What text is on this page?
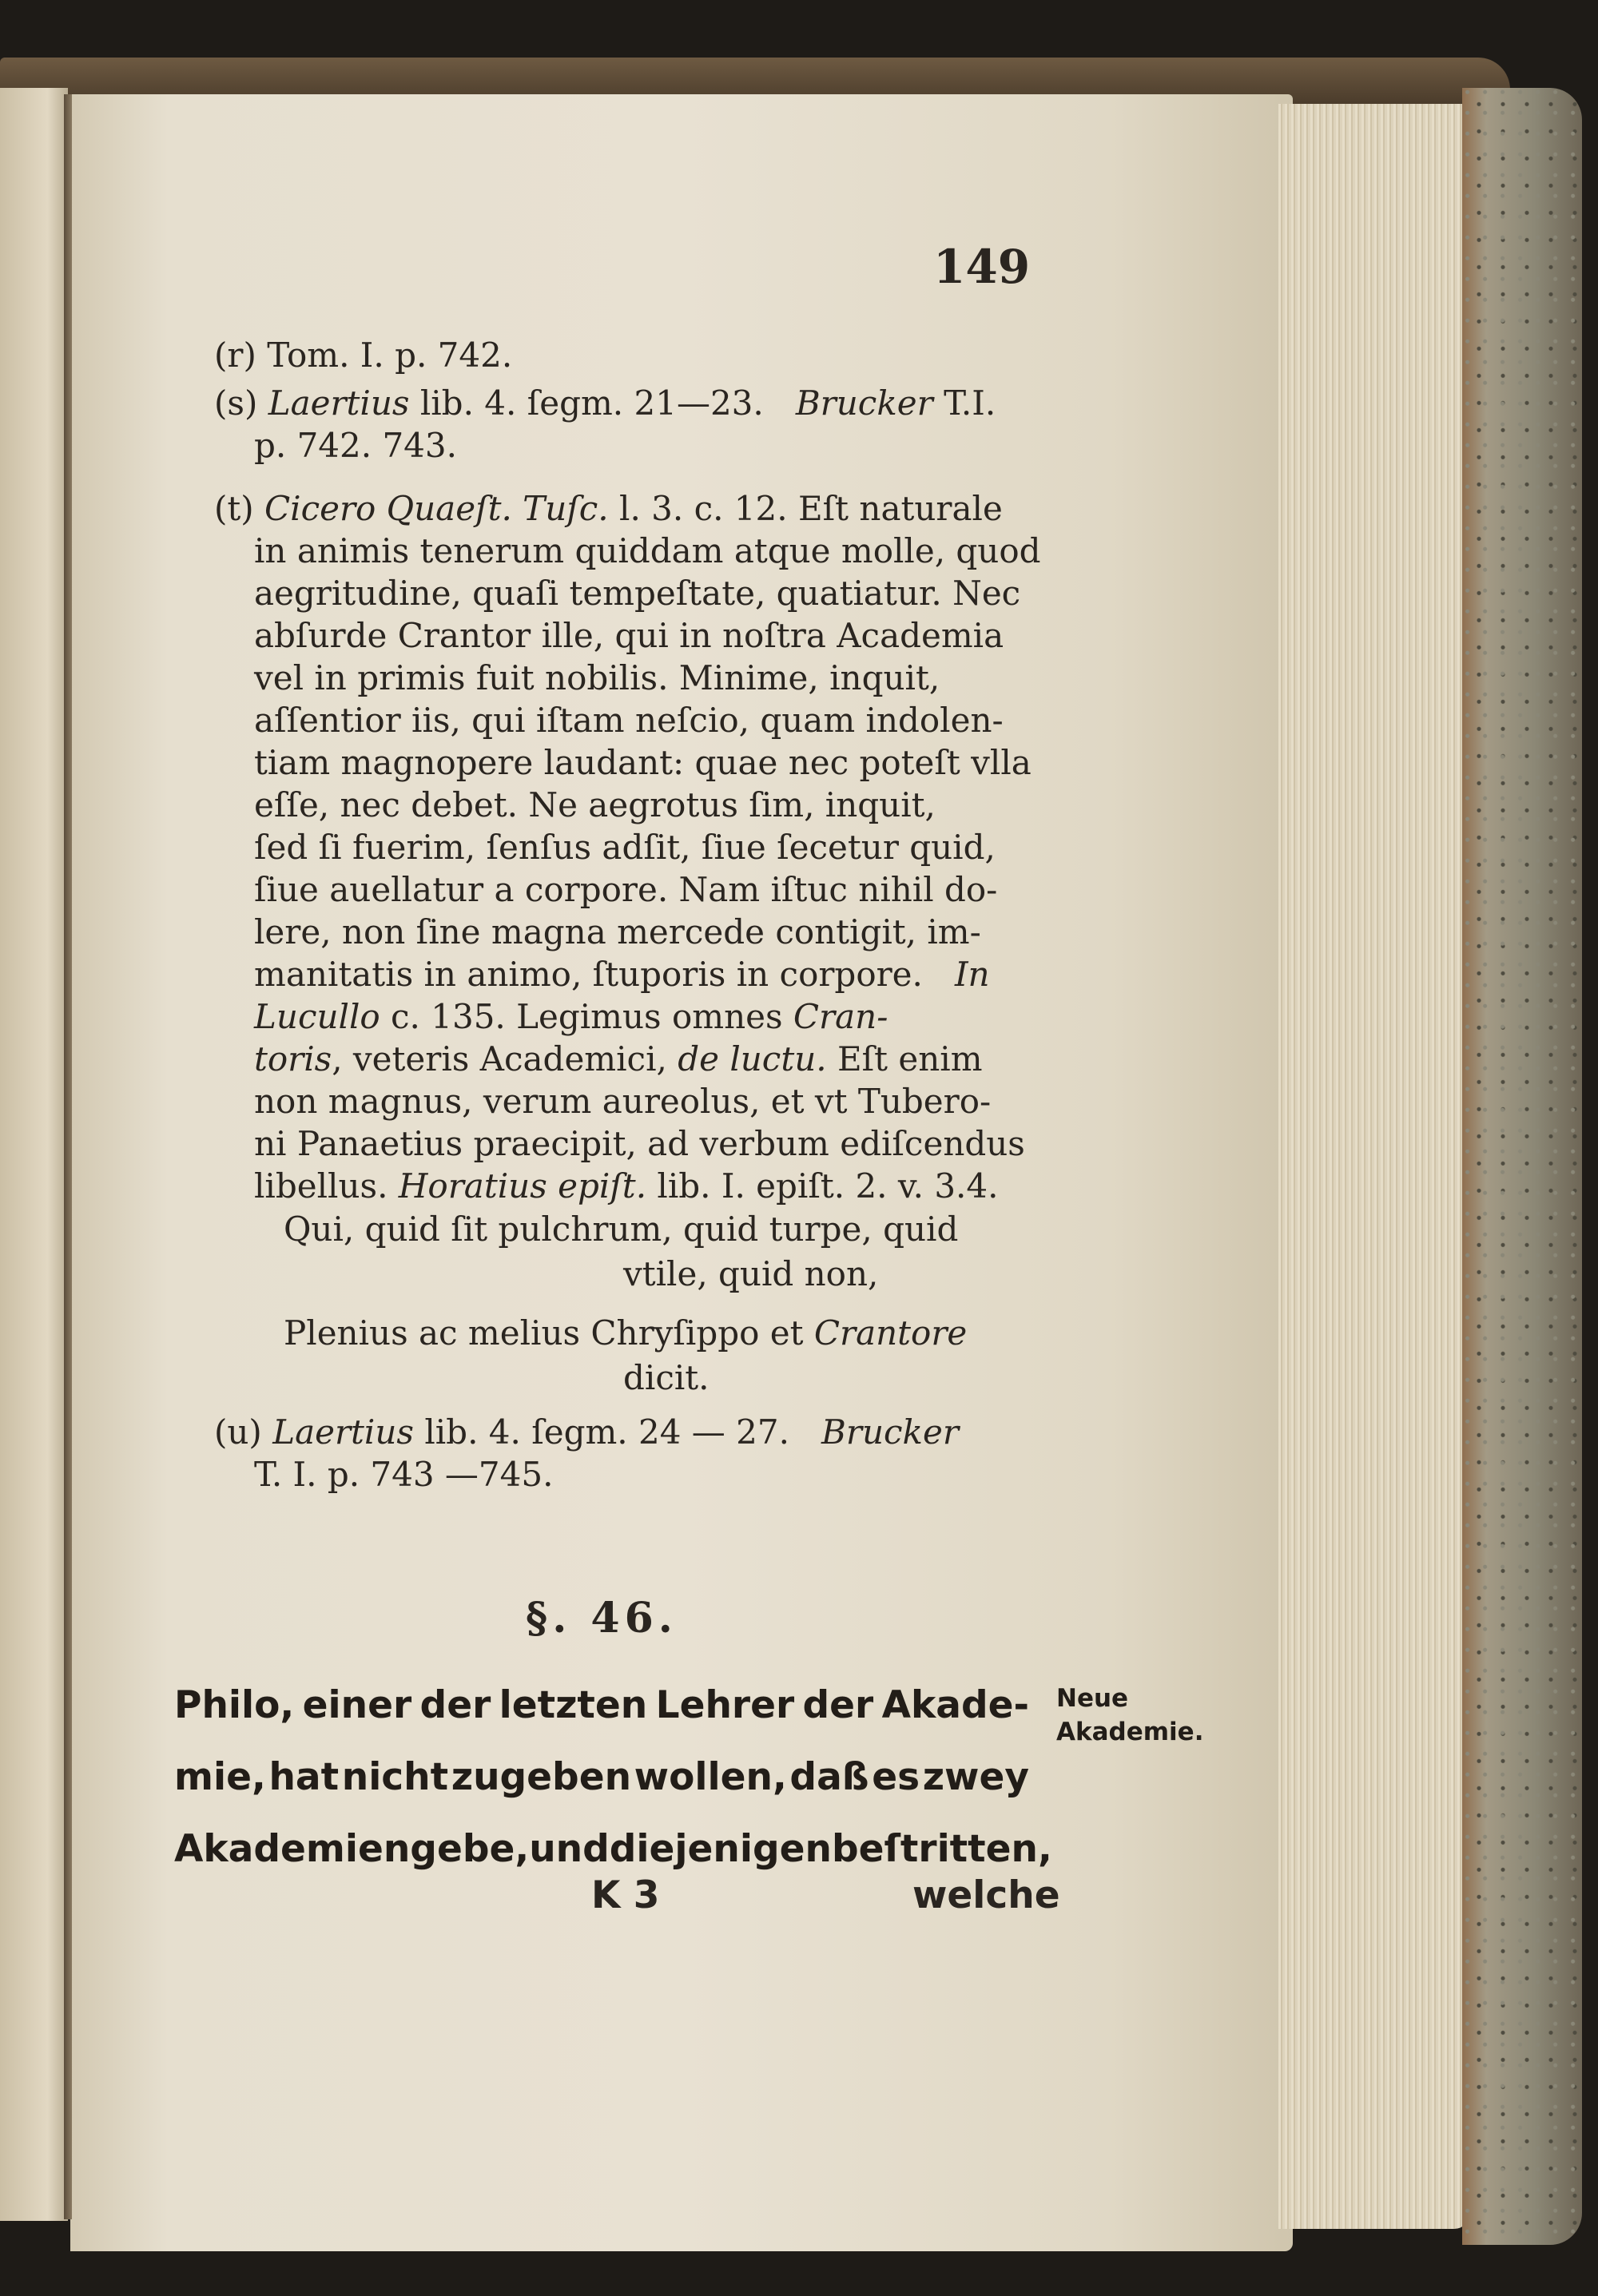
149
(r) Tom. I. p. 742.
(s) Laertius lib. 4. ſegm. 21—23. Brucker T.I.
p. 742. 743.
(t) Cicero Quaeſt. Tuſc. l. 3. c. 12. Eſt naturale
in animis tenerum quiddam atque molle, quod
aegritudine, quaſi tempeſtate, quatiatur. Nec
abſurde Crantor ille, qui in noſtra Academia
vel in primis fuit nobilis. Minime, inquit,
aſſentior iis, qui iſtam neſcio, quam indolen-
tiam magnopere laudant: quae nec poteſt vlla
eſſe, nec debet. Ne aegrotus ſim, inquit,
ſed ſi fuerim, ſenſus adſit, ſiue ſecetur quid,
ſiue auellatur a corpore. Nam iſtuc nihil do-
lere, non ſine magna mercede contigit, im-
manitatis in animo, ſtuporis in corpore. In
Lucullo c. 135. Legimus omnes Cran-
toris, veteris Academici, de luctu. Eſt enim
non magnus, verum aureolus, et vt Tubero-
ni Panaetius praecipit, ad verbum ediſcendus
libellus. Horatius epiſt. lib. I. epiſt. 2. v. 3.4.
Qui, quid ſit pulchrum, quid turpe, quid
vtile, quid non,
Plenius ac melius Chryſippo et Crantore
dicit.
(u) Laertius lib. 4. ſegm. 24 — 27. Brucker
T. I. p. 743 —745.
§. 46.
Philo, einer der letzten Lehrer der Akade-
mie, hat nicht zugeben wollen, daß es zwey
Akademien gebe, und diejenigen beſtritten,
Neue
Akademie.
K 3	welche
